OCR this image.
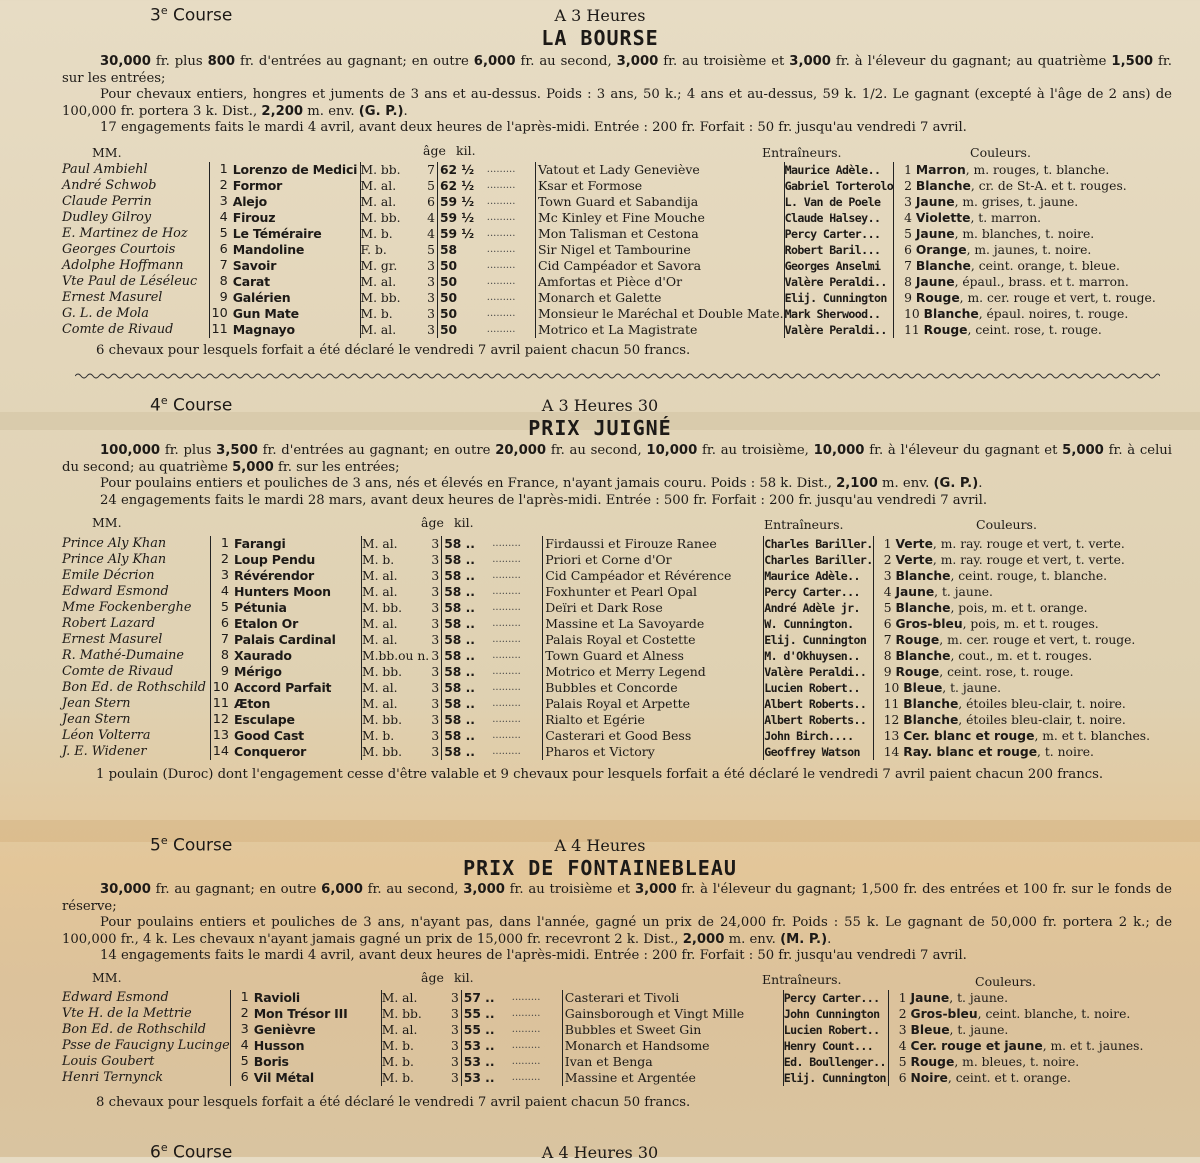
3e Course	A 3 Heures
LA BOURSE

30,000 fr. plus 800 fr. d'entrées au gagnant; en outre 6,000 fr. au second, 3,000 fr. au troisième et 3,000 fr. à l'éleveur du gagnant; au quatrième 1,500 fr. sur les entrées;

Pour chevaux entiers, hongres et juments de 3 ans et au-dessus. Poids : 3 ans, 50 k.; 4 ans et au-dessus, 59 k. 1/2. Le gagnant (excepté à l'âge de 2 ans) de 100,000 fr. portera 3 k. Dist., 2,200 m. env. (G. P.).

17 engagements faits le mardi 4 avril, avant deux heures de l'après-midi. Entrée : 200 fr. Forfait : 50 fr. jusqu'au vendredi 7 avril.

MM.	âge kil.	Entraîneurs.	Couleurs.
Paul Ambiehl	1	Lorenzo de Medici	M. bb.	7	62 ½	.........	Vatout et Lady Geneviève	Maurice Adèle..	1 Marron, m. rouges, t. blanche.
André Schwob	2	Formor	M. al.	5	62 ½	.........	Ksar et Formose	Gabriel Torterolo	2 Blanche, cr. de St-A. et t. rouges.
Claude Perrin	3	Alejo	M. al.	6	59 ½	.........	Town Guard et Sabandija	L. Van de Poele	3 Jaune, m. grises, t. jaune.
Dudley Gilroy	4	Firouz	M. bb.	4	59 ½	.........	Mc Kinley et Fine Mouche	Claude Halsey..	4 Violette, t. marron.
E. Martinez de Hoz	5	Le Téméraire	M. b.	4	59 ½	.........	Mon Talisman et Cestona	Percy Carter...	5 Jaune, m. blanches, t. noire.
Georges Courtois	6	Mandoline	F. b.	5	58	.........	Sir Nigel et Tambourine	Robert Baril...	6 Orange, m. jaunes, t. noire.
Adolphe Hoffmann	7	Savoir	M. gr.	3	50	.........	Cid Campéador et Savora	Georges Anselmi	7 Blanche, ceint. orange, t. bleue.
Vte Paul de Léséleuc	8	Carat	M. al.	3	50	.........	Amfortas et Pièce d'Or	Valère Peraldi..	8 Jaune, épaul., brass. et t. marron.
Ernest Masurel	9	Galérien	M. bb.	3	50	.........	Monarch et Galette	Elij. Cunnington	9 Rouge, m. cer. rouge et vert, t. rouge.
G. L. de Mola	10	Gun Mate	M. b.	3	50	.........	Monsieur le Maréchal et Double Mate.	Mark Sherwood..	10 Blanche, épaul. noires, t. rouge.
Comte de Rivaud	11	Magnayo	M. al.	3	50	.........	Motrico et La Magistrate	Valère Peraldi..	11 Rouge, ceint. rose, t. rouge.
6 chevaux pour lesquels forfait a été déclaré le vendredi 7 avril paient chacun 50 francs.
4e Course	A 3 Heures 30
PRIX JUIGNÉ

100,000 fr. plus 3,500 fr. d'entrées au gagnant; en outre 20,000 fr. au second, 10,000 fr. au troisième, 10,000 fr. à l'éleveur du gagnant et 5,000 fr. à celui du second; au quatrième 5,000 fr. sur les entrées;

Pour poulains entiers et pouliches de 3 ans, nés et élevés en France, n'ayant jamais couru. Poids : 58 k. Dist., 2,100 m. env. (G. P.).

24 engagements faits le mardi 28 mars, avant deux heures de l'après-midi. Entrée : 500 fr. Forfait : 200 fr. jusqu'au vendredi 7 avril.

MM.	âge kil.	Entraîneurs.	Couleurs.
Prince Aly Khan	1	Farangi	M. al.	3	58 ..	.........	Firdaussi et Firouze Ranee	Charles Bariller.	1 Verte, m. ray. rouge et vert, t. verte.
Prince Aly Khan	2	Loup Pendu	M. b.	3	58 ..	.........	Priori et Corne d'Or	Charles Bariller.	2 Verte, m. ray. rouge et vert, t. verte.
Emile Décrion	3	Révérendor	M. al.	3	58 ..	.........	Cid Campéador et Révérence	Maurice Adèle..	3 Blanche, ceint. rouge, t. blanche.
Edward Esmond	4	Hunters Moon	M. al.	3	58 ..	.........	Foxhunter et Pearl Opal	Percy Carter...	4 Jaune, t. jaune.
Mme Fockenberghe	5	Pétunia	M. bb.	3	58 ..	.........	Deïri et Dark Rose	André Adèle jr.	5 Blanche, pois, m. et t. orange.
Robert Lazard	6	Etalon Or	M. al.	3	58 ..	.........	Massine et La Savoyarde	W. Cunnington.	6 Gros-bleu, pois, m. et t. rouges.
Ernest Masurel	7	Palais Cardinal	M. al.	3	58 ..	.........	Palais Royal et Costette	Elij. Cunnington	7 Rouge, m. cer. rouge et vert, t. rouge.
R. Mathé-Dumaine	8	Xaurado	M.bb.ou n.	3	58 ..	.........	Town Guard et Alness	M. d'Okhuysen..	8 Blanche, cout., m. et t. rouges.
Comte de Rivaud	9	Mérigo	M. bb.	3	58 ..	.........	Motrico et Merry Legend	Valère Peraldi..	9 Rouge, ceint. rose, t. rouge.
Bon Ed. de Rothschild	10	Accord Parfait	M. al.	3	58 ..	.........	Bubbles et Concorde	Lucien Robert..	10 Bleue, t. jaune.
Jean Stern	11	Æton	M. al.	3	58 ..	.........	Palais Royal et Arpette	Albert Roberts..	11 Blanche, étoiles bleu-clair, t. noire.
Jean Stern	12	Esculape	M. bb.	3	58 ..	.........	Rialto et Egérie	Albert Roberts..	12 Blanche, étoiles bleu-clair, t. noire.
Léon Volterra	13	Good Cast	M. b.	3	58 ..	.........	Casterari et Good Bess	John Birch....	13 Cer. blanc et rouge, m. et t. blanches.
J. E. Widener	14	Conqueror	M. bb.	3	58 ..	.........	Pharos et Victory	Geoffrey Watson	14 Ray. blanc et rouge, t. noire.
1 poulain (Duroc) dont l'engagement cesse d'être valable et 9 chevaux pour lesquels forfait a été déclaré le vendredi 7 avril paient chacun 200 francs.
5e Course	A 4 Heures
PRIX DE FONTAINEBLEAU

30,000 fr. au gagnant; en outre 6,000 fr. au second, 3,000 fr. au troisième et 3,000 fr. à l'éleveur du gagnant; 1,500 fr. des entrées et 100 fr. sur le fonds de réserve;

Pour poulains entiers et pouliches de 3 ans, n'ayant pas, dans l'année, gagné un prix de 24,000 fr. Poids : 55 k. Le gagnant de 50,000 fr. portera 2 k.; de 100,000 fr., 4 k. Les chevaux n'ayant jamais gagné un prix de 15,000 fr. recevront 2 k. Dist., 2,000 m. env. (M. P.).

14 engagements faits le mardi 4 avril, avant deux heures de l'après-midi. Entrée : 200 fr. Forfait : 50 fr. jusqu'au vendredi 7 avril.

MM.	âge kil.	Entraîneurs.	Couleurs.
Edward Esmond	1	Ravioli	M. al.	3	57 ..	.........	Casterari et Tivoli	Percy Carter...	1 Jaune, t. jaune.
Vte H. de la Mettrie	2	Mon Trésor III	M. bb.	3	55 ..	.........	Gainsborough et Vingt Mille	John Cunnington	2 Gros-bleu, ceint. blanche, t. noire.
Bon Ed. de Rothschild	3	Genièvre	M. al.	3	55 ..	.........	Bubbles et Sweet Gin	Lucien Robert..	3 Bleue, t. jaune.
Psse de Faucigny Lucinge	4	Husson	M. b.	3	53 ..	.........	Monarch et Handsome	Henry Count...	4 Cer. rouge et jaune, m. et t. jaunes.
Louis Goubert	5	Boris	M. b.	3	53 ..	.........	Ivan et Benga	Ed. Boullenger..	5 Rouge, m. bleues, t. noire.
Henri Ternynck	6	Vil Métal	M. b.	3	53 ..	.........	Massine et Argentée	Elij. Cunnington	6 Noire, ceint. et t. orange.
8 chevaux pour lesquels forfait a été déclaré le vendredi 7 avril paient chacun 50 francs.
6e Course	A 4 Heures 30
